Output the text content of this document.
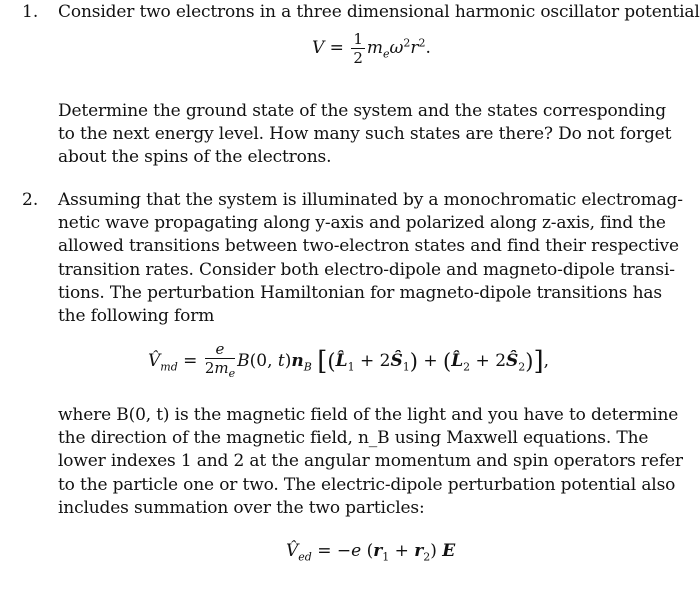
1. Consider two electrons in a three dimensional harmonic oscillator potential
$V = \frac{1}{2} m_e\omega^2r^2$.
Determine the ground state of the system and the states corresponding
to the next energy level. How many such states are there? Do not forget
about the spins of the electrons.
2. Assuming that the system is illuminated by a monochromatic electromag-
netic wave propagating along y-axis and polarized along z-axis, find the
allowed transitions between two-electron states and find their respective
transition rates. Consider both electro-dipole and magneto-dipole transi-
tions. The perturbation Hamiltonian for magneto-dipole transitions has
the following form
$V̂_{md} = \frac{e}{2m_e} B(0$, $t)n_B$ [($L̂_1$ + $2Ŝ_1$) + ($L̂_2$ + $2Ŝ_2$)],
where B(0, t) is the magnetic field of the light and you have to determine
the direction of the magnetic field, n_B using Maxwell equations. The
lower indexes 1 and 2 at the angular momentum and spin operators refer
to the particle one or two. The electric-dipole perturbation potential also
includes summation over the two particles:
$V̂_{ed} = -e$ $(r_1 + r_2)$ E
